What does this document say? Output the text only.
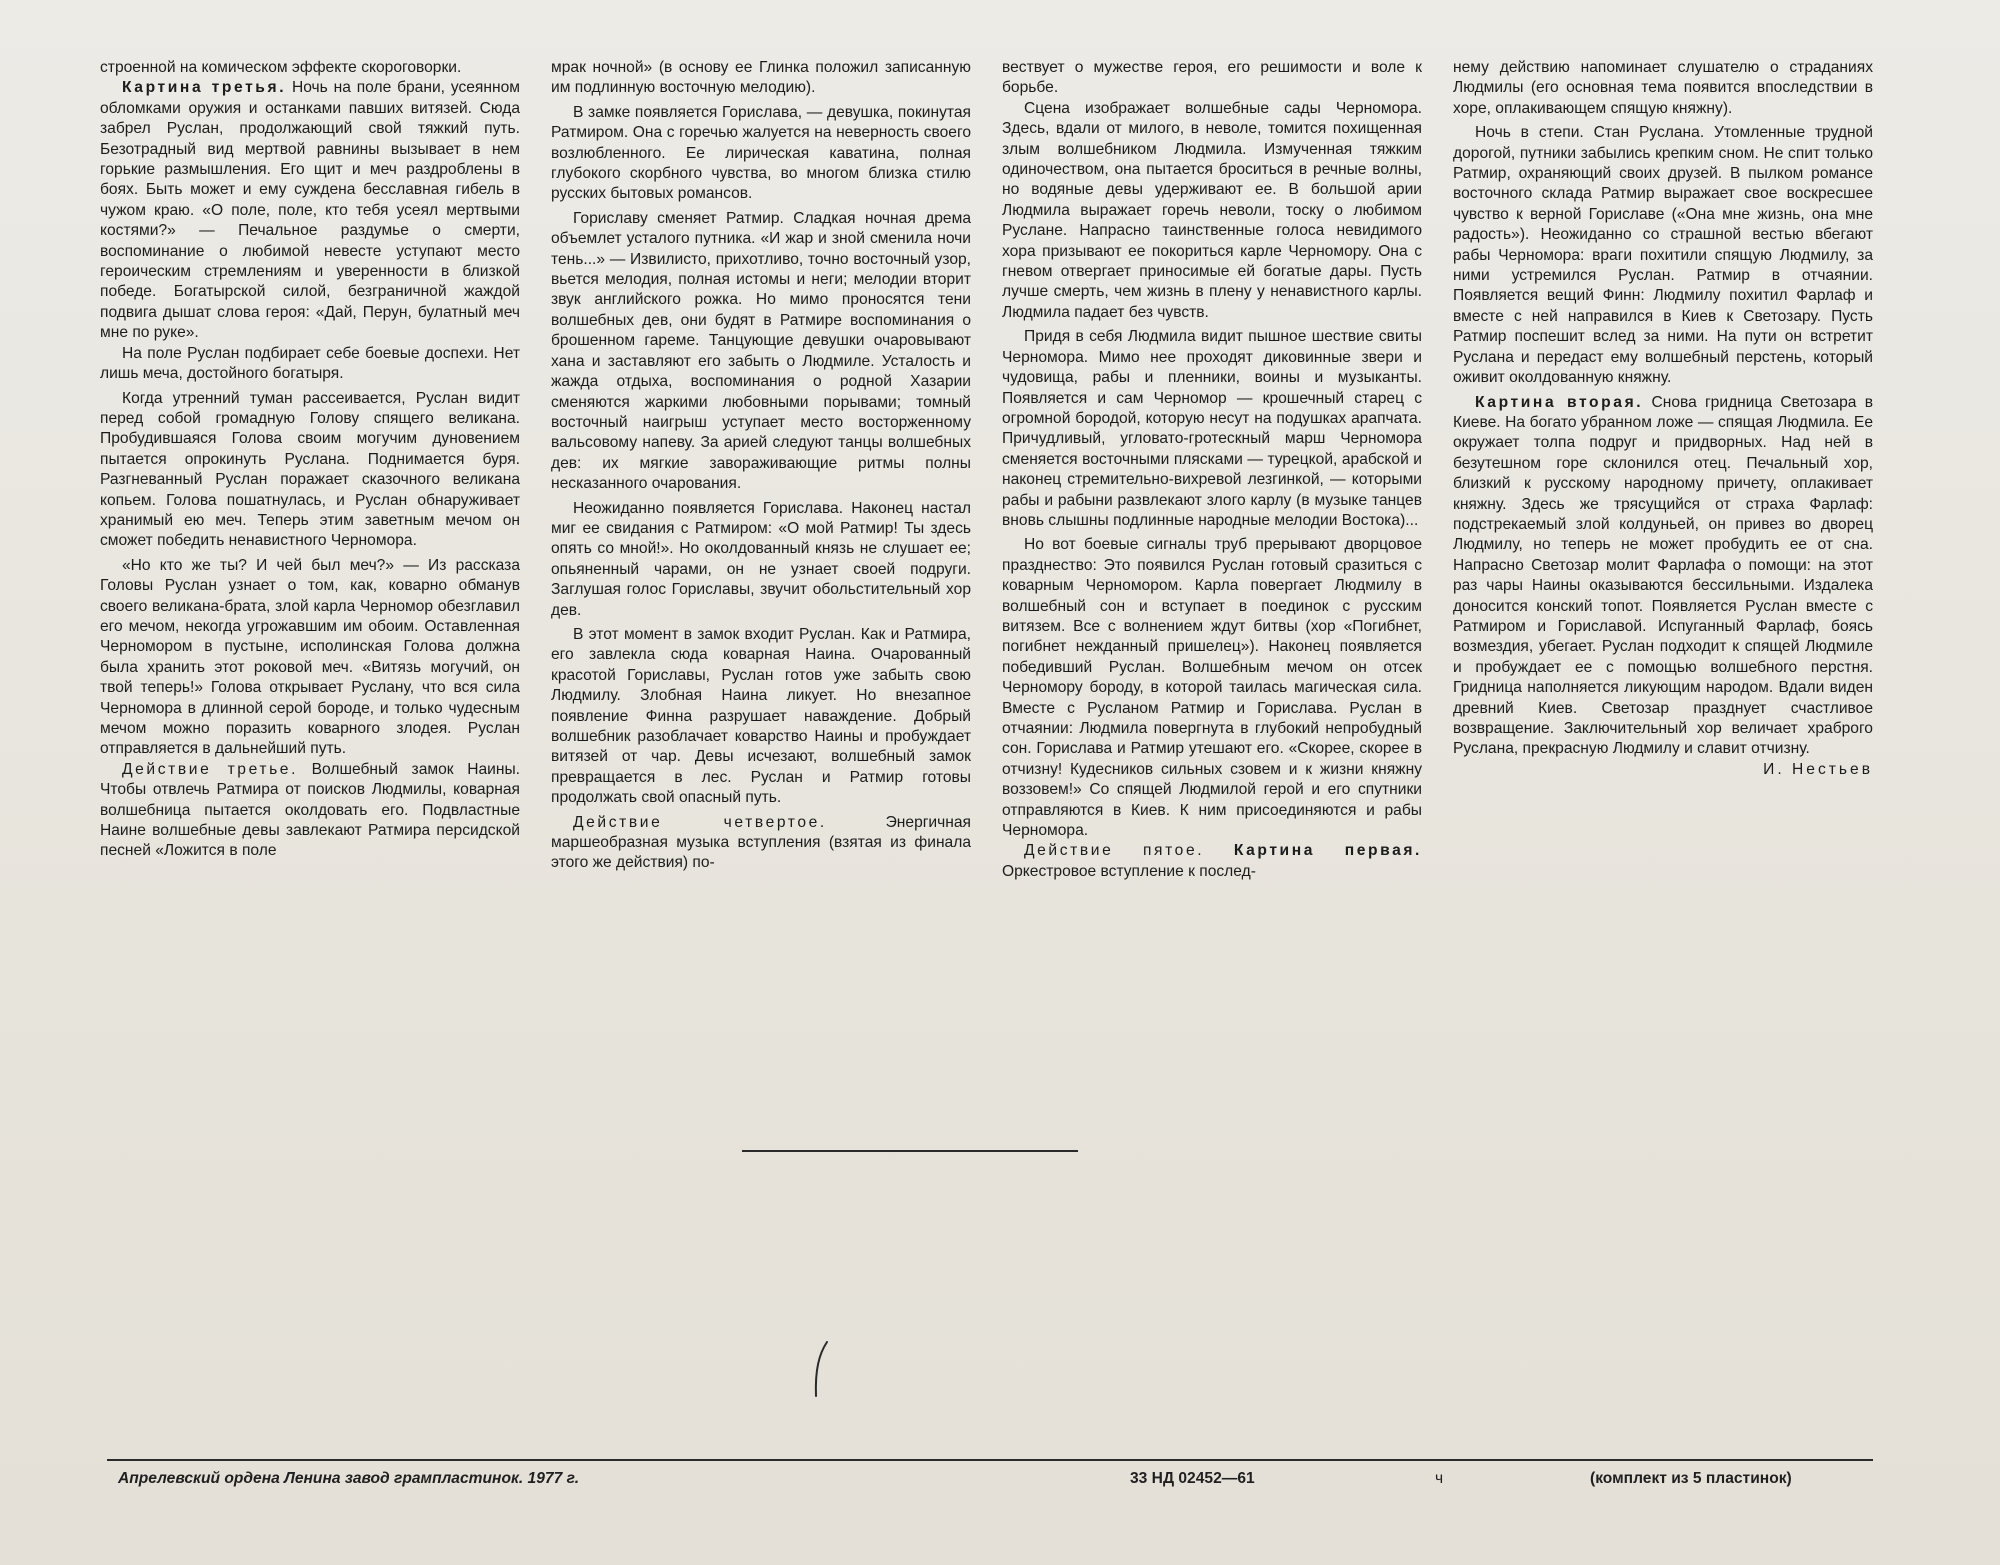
строенной на комическом эффекте скороговорки.

Картина третья. Ночь на поле брани, усеянном обломками оружия и останками павших витязей. Сюда забрел Руслан, продолжающий свой тяжкий путь. Безотрадный вид мертвой равнины вызывает в нем горькие размышления. Его щит и меч раздроблены в боях. Быть может и ему суждена бесславная гибель в чужом краю. «О поле, поле, кто тебя усеял мертвыми костями?» — Печальное раздумье о смерти, воспоминание о любимой невесте уступают место героическим стремлениям и уверенности в близкой победе. Богатырской силой, безграничной жаждой подвига дышат слова героя: «Дай, Перун, булатный меч мне по руке».

На поле Руслан подбирает себе боевые доспехи. Нет лишь меча, достойного богатыря.

Когда утренний туман рассеивается, Руслан видит перед собой громадную Голову спящего великана. Пробудившаяся Голова своим могучим дуновением пытается опрокинуть Руслана. Поднимается буря. Разгневанный Руслан поражает сказочного великана копьем. Голова пошатнулась, и Руслан обнаруживает хранимый ею меч. Теперь этим заветным мечом он сможет победить ненавистного Черномора.

«Но кто же ты? И чей был меч?» — Из рассказа Головы Руслан узнает о том, как, коварно обманув своего великана-брата, злой карла Черномор обезглавил его мечом, некогда угрожавшим им обоим. Оставленная Черномором в пустыне, исполинская Голова должна была хранить этот роковой меч. «Витязь могучий, он твой теперь!» Голова открывает Руслану, что вся сила Черномора в длинной серой бороде, и только чудесным мечом можно поразить коварного злодея. Руслан отправляется в дальнейший путь.

Действие третье. Волшебный замок Наины. Чтобы отвлечь Ратмира от поисков Людмилы, коварная волшебница пытается околдовать его. Подвластные Наине волшебные девы завлекают Ратмира персидской песней «Ложится в поле

мрак ночной» (в основу ее Глинка положил записанную им подлинную восточную мелодию).

В замке появляется Горислава, — девушка, покинутая Ратмиром. Она с горечью жалуется на неверность своего возлюбленного. Ее лирическая каватина, полная глубокого скорбного чувства, во многом близка стилю русских бытовых романсов.

Гориславу сменяет Ратмир. Сладкая ночная дрема объемлет усталого путника. «И жар и зной сменила ночи тень...» — Извилисто, прихотливо, точно восточный узор, вьется мелодия, полная истомы и неги; мелодии вторит звук английского рожка. Но мимо проносятся тени волшебных дев, они будят в Ратмире воспоминания о брошенном гареме. Танцующие девушки очаровывают хана и заставляют его забыть о Людмиле. Усталость и жажда отдыха, воспоминания о родной Хазарии сменяются жаркими любовными порывами; томный восточный наигрыш уступает место восторженному вальсовому напеву. За арией следуют танцы волшебных дев: их мягкие завораживающие ритмы полны несказанного очарования.

Неожиданно появляется Горислава. Наконец настал миг ее свидания с Ратмиром: «О мой Ратмир! Ты здесь опять со мной!». Но околдованный князь не слушает ее; опьяненный чарами, он не узнает своей подруги. Заглушая голос Гориславы, звучит обольстительный хор дев.

В этот момент в замок входит Руслан. Как и Ратмира, его завлекла сюда коварная Наина. Очарованный красотой Гориславы, Руслан готов уже забыть свою Людмилу. Злобная Наина ликует. Но внезапное появление Финна разрушает наваждение. Добрый волшебник разоблачает коварство Наины и пробуждает витязей от чар. Девы исчезают, волшебный замок превращается в лес. Руслан и Ратмир готовы продолжать свой опасный путь.

Действие четвертое. Энергичная маршеобразная музыка вступления (взятая из финала этого же действия) по-

вествует о мужестве героя, его решимости и воле к борьбе.

Сцена изображает волшебные сады Черномора. Здесь, вдали от милого, в неволе, томится похищенная злым волшебником Людмила. Измученная тяжким одиночеством, она пытается броситься в речные волны, но водяные девы удерживают ее. В большой арии Людмила выражает горечь неволи, тоску о любимом Руслане. Напрасно таинственные голоса невидимого хора призывают ее покориться карле Черномору. Она с гневом отвергает приносимые ей богатые дары. Пусть лучше смерть, чем жизнь в плену у ненавистного карлы. Людмила падает без чувств.

Придя в себя Людмила видит пышное шествие свиты Черномора. Мимо нее проходят диковинные звери и чудовища, рабы и пленники, воины и музыканты. Появляется и сам Черномор — крошечный старец с огромной бородой, которую несут на подушках арапчата. Причудливый, угловато-гротескный марш Черномора сменяется восточными плясками — турецкой, арабской и наконец стремительно-вихревой лезгинкой, — которыми рабы и рабыни развлекают злого карлу (в музыке танцев вновь слышны подлинные народные мелодии Востока)...

Но вот боевые сигналы труб прерывают дворцовое празднество: Это появился Руслан готовый сразиться с коварным Черномором. Карла повергает Людмилу в волшебный сон и вступает в поединок с русским витязем. Все с волнением ждут битвы (хор «Погибнет, погибнет нежданный пришелец»). Наконец появляется победивший Руслан. Волшебным мечом он отсек Черномору бороду, в которой таилась магическая сила. Вместе с Русланом Ратмир и Горислава. Руслан в отчаянии: Людмила повергнута в глубокий непробудный сон. Горислава и Ратмир утешают его. «Скорее, скорее в отчизну! Кудесников сильных сзовем и к жизни княжну воззовем!» Со спящей Людмилой герой и его спутники отправляются в Киев. К ним присоединяются и рабы Черномора.

Действие пятое. Картина первая. Оркестровое вступление к послед-

нему действию напоминает слушателю о страданиях Людмилы (его основная тема появится впоследствии в хоре, оплакивающем спящую княжну).

Ночь в степи. Стан Руслана. Утомленные трудной дорогой, путники забылись крепким сном. Не спит только Ратмир, охраняющий своих друзей. В пылком романсе восточного склада Ратмир выражает свое воскресшее чувство к верной Гориславе («Она мне жизнь, она мне радость»). Неожиданно со страшной вестью вбегают рабы Черномора: враги похитили спящую Людмилу, за ними устремился Руслан. Ратмир в отчаянии. Появляется вещий Финн: Людмилу похитил Фарлаф и вместе с ней направился в Киев к Светозару. Пусть Ратмир поспешит вслед за ними. На пути он встретит Руслана и передаст ему волшебный перстень, который оживит околдованную княжну.

Картина вторая. Снова гридница Светозара в Киеве. На богато убранном ложе — спящая Людмила. Ее окружает толпа подруг и придворных. Над ней в безутешном горе склонился отец. Печальный хор, близкий к русскому народному причету, оплакивает княжну. Здесь же трясущийся от страха Фарлаф: подстрекаемый злой колдуньей, он привез во дворец Людмилу, но теперь не может пробудить ее от сна. Напрасно Светозар молит Фарлафа о помощи: на этот раз чары Наины оказываются бессильными. Издалека доносится конский топот. Появляется Руслан вместе с Ратмиром и Гориславой. Испуганный Фарлаф, боясь возмездия, убегает. Руслан подходит к спящей Людмиле и пробуждает ее с помощью волшебного перстня. Гридница наполняется ликующим народом. Вдали виден древний Киев. Светозар празднует счастливое возвращение. Заключительный хор величает храброго Руслана, прекрасную Людмилу и славит отчизну.

И. Нестьев

Апрелевский ордена Ленина завод грампластинок. 1977 г.	33 НД 02452—61	ч	(комплект из 5 пластинок)
